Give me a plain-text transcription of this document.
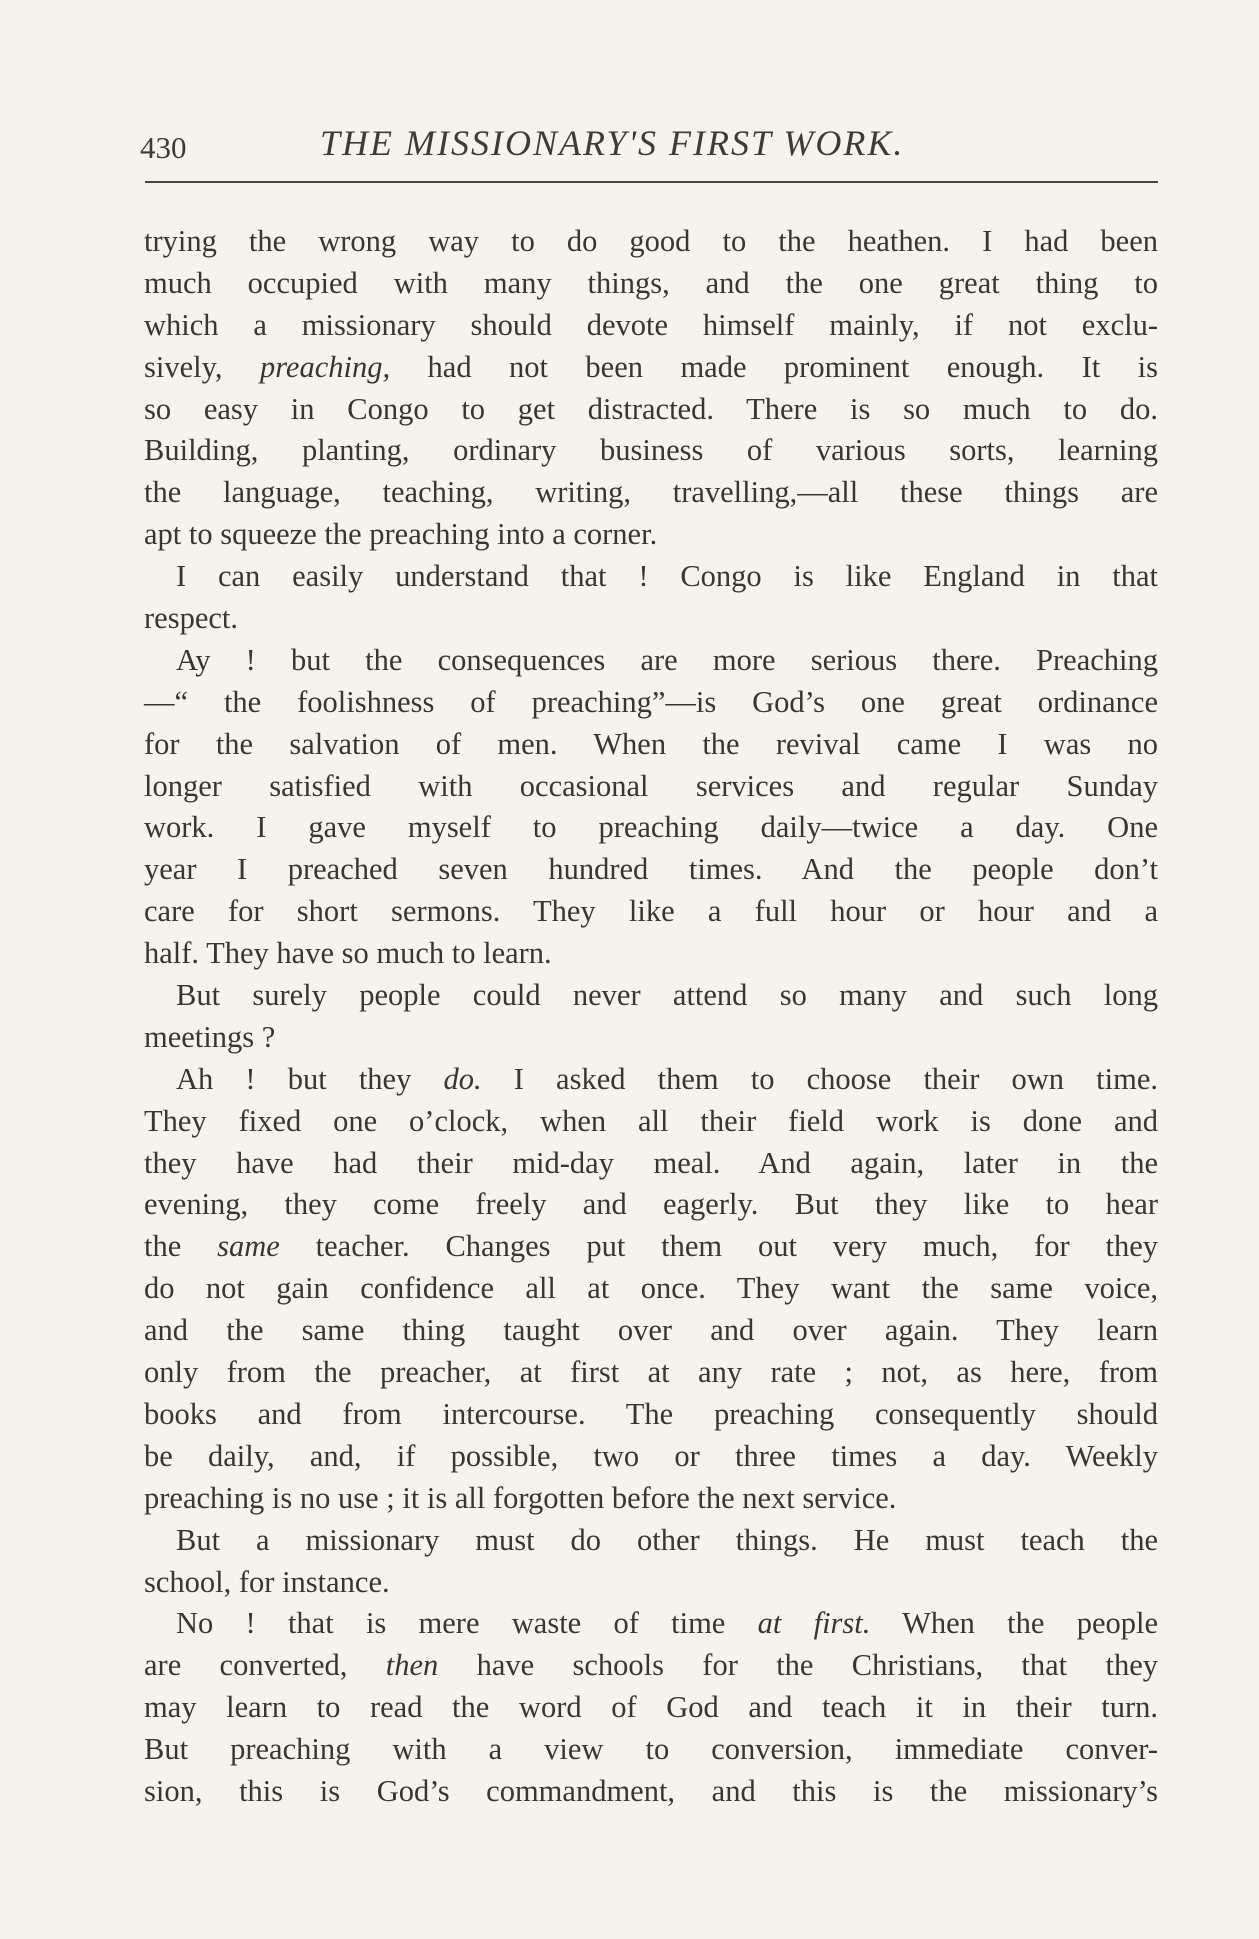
430	THE MISSIONARY'S FIRST WORK.
trying the wrong way to do good to the heathen. I had been
much occupied with many things, and the one great thing to
which a missionary should devote himself mainly, if not exclu-
sively, preaching, had not been made prominent enough. It is
so easy in Congo to get distracted. There is so much to do.
Building, planting, ordinary business of various sorts, learning
the language, teaching, writing, travelling,—all these things are
apt to squeeze the preaching into a corner.
I can easily understand that ! Congo is like England in that
respect.
Ay ! but the consequences are more serious there. Preaching
—“ the foolishness of preaching”—is God’s one great ordinance
for the salvation of men. When the revival came I was no
longer satisfied with occasional services and regular Sunday
work. I gave myself to preaching daily—twice a day. One
year I preached seven hundred times. And the people don’t
care for short sermons. They like a full hour or hour and a
half. They have so much to learn.
But surely people could never attend so many and such long
meetings ?
Ah ! but they do. I asked them to choose their own time.
They fixed one o’clock, when all their field work is done and
they have had their mid-day meal. And again, later in the
evening, they come freely and eagerly. But they like to hear
the same teacher. Changes put them out very much, for they
do not gain confidence all at once. They want the same voice,
and the same thing taught over and over again. They learn
only from the preacher, at first at any rate ; not, as here, from
books and from intercourse. The preaching consequently should
be daily, and, if possible, two or three times a day. Weekly
preaching is no use ; it is all forgotten before the next service.
But a missionary must do other things. He must teach the
school, for instance.
No ! that is mere waste of time at first. When the people
are converted, then have schools for the Christians, that they
may learn to read the word of God and teach it in their turn.
But preaching with a view to conversion, immediate conver-
sion, this is God’s commandment, and this is the missionary’s
